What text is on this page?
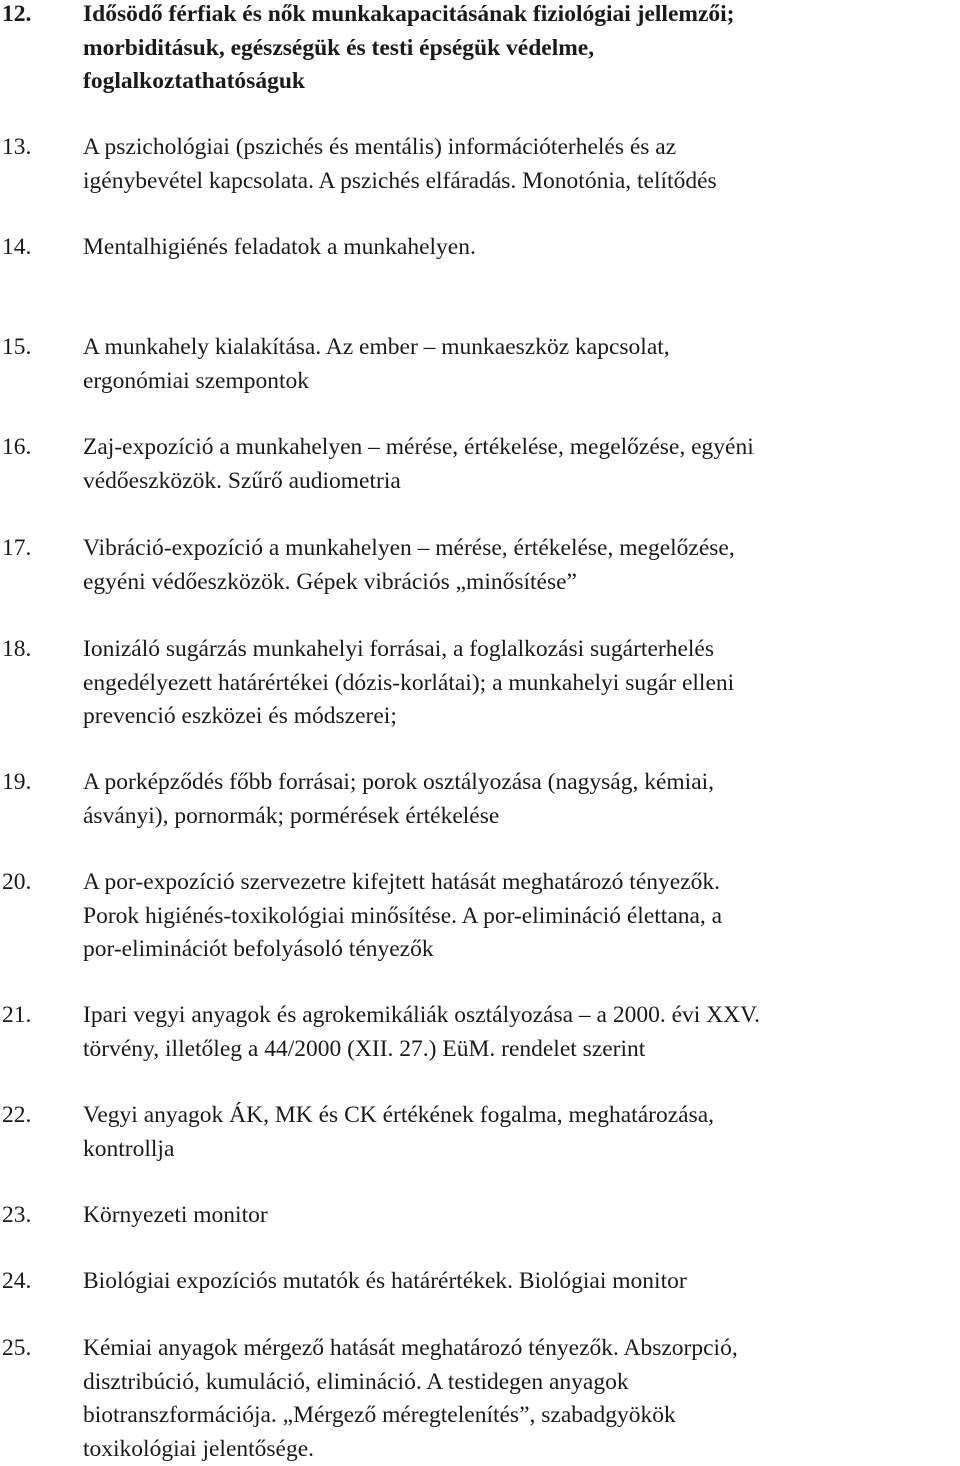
12.	Idősödő férfiak és nők munkakapacitásának fiziológiai jellemzői;
morbiditásuk, egészségük és testi épségük védelme,
foglalkoztathatóságuk
13.	A pszichológiai (pszichés és mentális) információterhelés és az
igénybevétel kapcsolata. A pszichés elfáradás. Monotónia, telítődés
14.	Mentalhigiénés feladatok a munkahelyen.
15.	A munkahely kialakítása. Az ember – munkaeszköz kapcsolat,
ergonómiai szempontok
16.	Zaj-expozíció a munkahelyen – mérése, értékelése, megelőzése, egyéni
védőeszközök. Szűrő audiometria
17.	Vibráció-expozíció a munkahelyen – mérése, értékelése, megelőzése,
egyéni védőeszközök. Gépek vibrációs „minősítése”
18.	Ionizáló sugárzás munkahelyi forrásai, a foglalkozási sugárterhelés
engedélyezett határértékei (dózis-korlátai); a munkahelyi sugár elleni
prevenció eszközei és módszerei;
19.	A porképződés főbb forrásai; porok osztályozása (nagyság, kémiai,
ásványi), pornormák; pormérések értékelése
20.	A por-expozíció szervezetre kifejtett hatását meghatározó tényezők.
Porok higiénés-toxikológiai minősítése. A por-elimináció élettana, a
por-eliminációt befolyásoló tényezők
21.	Ipari vegyi anyagok és agrokemikáliák osztályozása – a 2000. évi XXV.
törvény, illetőleg a 44/2000 (XII. 27.) EüM. rendelet szerint
22.	Vegyi anyagok ÁK, MK és CK értékének fogalma, meghatározása,
kontrollja
23.	Környezeti monitor
24.	Biológiai expozíciós mutatók és határértékek. Biológiai monitor
25.	Kémiai anyagok mérgező hatását meghatározó tényezők. Abszorpció,
disztribúció, kumuláció, elimináció. A testidegen anyagok
biotranszformációja. „Mérgező méregtelenítés”, szabadgyökök
toxikológiai jelentősége.
